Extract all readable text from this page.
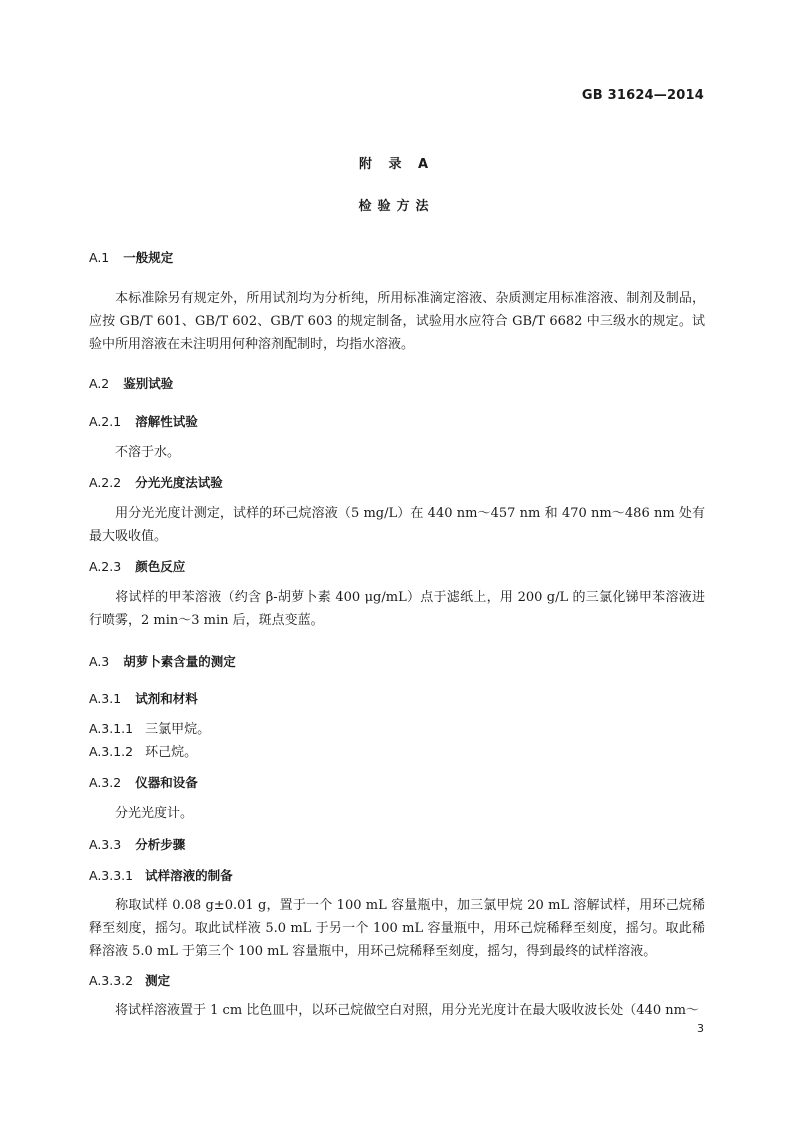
GB 31624—2014
附 录 A
检验方法
A.1 一般规定
本标准除另有规定外，所用试剂均为分析纯，所用标准滴定溶液、杂质测定用标准溶液、制剂及制品，应按 GB/T 601、GB/T 602、GB/T 603 的规定制备，试验用水应符合 GB/T 6682 中三级水的规定。试验中所用溶液在未注明用何种溶剂配制时，均指水溶液。
A.2 鉴别试验
A.2.1 溶解性试验
不溶于水。
A.2.2 分光光度法试验
用分光光度计测定，试样的环己烷溶液（5 mg/L）在 440 nm～457 nm 和 470 nm～486 nm 处有最大吸收值。
A.2.3 颜色反应
将试样的甲苯溶液（约含 β-胡萝卜素 400 μg/mL）点于滤纸上，用 200 g/L 的三氯化锑甲苯溶液进行喷雾，2 min～3 min 后，斑点变蓝。
A.3 胡萝卜素含量的测定
A.3.1 试剂和材料
A.3.1.1 三氯甲烷。
A.3.1.2 环己烷。
A.3.2 仪器和设备
分光光度计。
A.3.3 分析步骤
A.3.3.1 试样溶液的制备
称取试样 0.08 g±0.01 g，置于一个 100 mL 容量瓶中，加三氯甲烷 20 mL 溶解试样，用环己烷稀释至刻度，摇匀。取此试样液 5.0 mL 于另一个 100 mL 容量瓶中，用环己烷稀释至刻度，摇匀。取此稀释溶液 5.0 mL 于第三个 100 mL 容量瓶中，用环己烷稀释至刻度，摇匀，得到最终的试样溶液。
A.3.3.2 测定
将试样溶液置于 1 cm 比色皿中，以环己烷做空白对照，用分光光度计在最大吸收波长处（440 nm～
3
